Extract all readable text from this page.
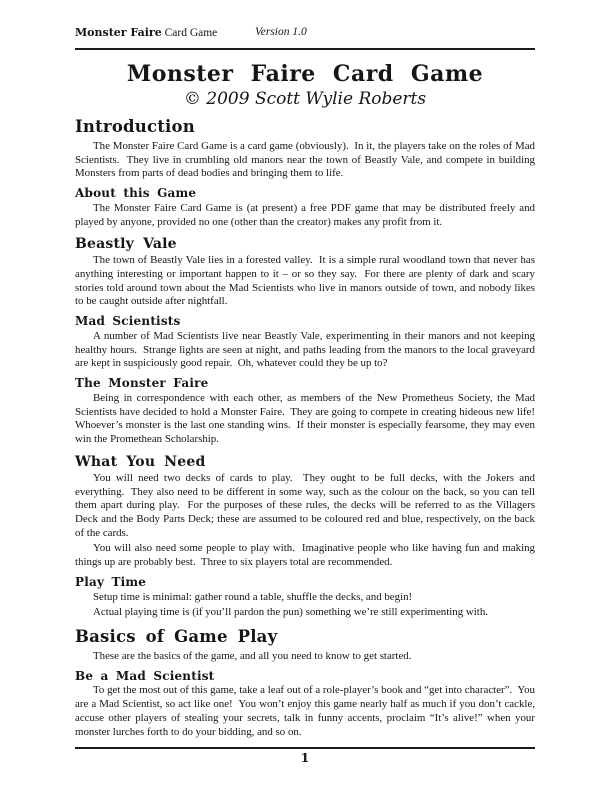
Monster Faire Card Game	Version 1.0
Monster Faire Card Game
© 2009 Scott Wylie Roberts
Introduction

The Monster Faire Card Game is a card game (obviously).  In it, the players take on the roles of Mad Scientists.  They live in crumbling old manors near the town of Beastly Vale, and compete in building Monsters from parts of dead bodies and bringing them to life.

About this Game

The Monster Faire Card Game is (at present) a free PDF game that may be distributed freely and played by anyone, provided no one (other than the creator) makes any profit from it.

Beastly Vale

The town of Beastly Vale lies in a forested valley.  It is a simple rural woodland town that never has anything interesting or important happen to it – or so they say.  For there are plenty of dark and scary stories told around town about the Mad Scientists who live in manors outside of town, and nobody likes to be caught outside after nightfall.

Mad Scientists

A number of Mad Scientists live near Beastly Vale, experimenting in their manors and not keeping healthy hours.  Strange lights are seen at night, and paths leading from the manors to the local graveyard are kept in suspiciously good repair.  Oh, whatever could they be up to?

The Monster Faire

Being in correspondence with each other, as members of the New Prometheus Society, the Mad Scientists have decided to hold a Monster Faire.  They are going to compete in creating hideous new life!  Whoever’s monster is the last one standing wins.  If their monster is especially fearsome, they may even win the Promethean Scholarship.

What You Need

You will need two decks of cards to play.  They ought to be full decks, with the Jokers and everything.  They also need to be different in some way, such as the colour on the back, so you can tell them apart during play.  For the purposes of these rules, the decks will be referred to as the Villagers Deck and the Body Parts Deck; these are assumed to be coloured red and blue, respectively, on the back of the cards.

You will also need some people to play with.  Imaginative people who like having fun and making things up are probably best.  Three to six players total are recommended.

Play Time

Setup time is minimal: gather round a table, shuffle the decks, and begin!

Actual playing time is (if you’ll pardon the pun) something we’re still experimenting with.

Basics of Game Play

These are the basics of the game, and all you need to know to get started.

Be a Mad Scientist

To get the most out of this game, take a leaf out of a role-player’s book and “get into character”.  You are a Mad Scientist, so act like one!  You won’t enjoy this game nearly half as much if you don’t cackle, accuse other players of stealing your secrets, talk in funny accents, proclaim “It’s alive!” when your monster lurches forth to do your bidding, and so on.

1
